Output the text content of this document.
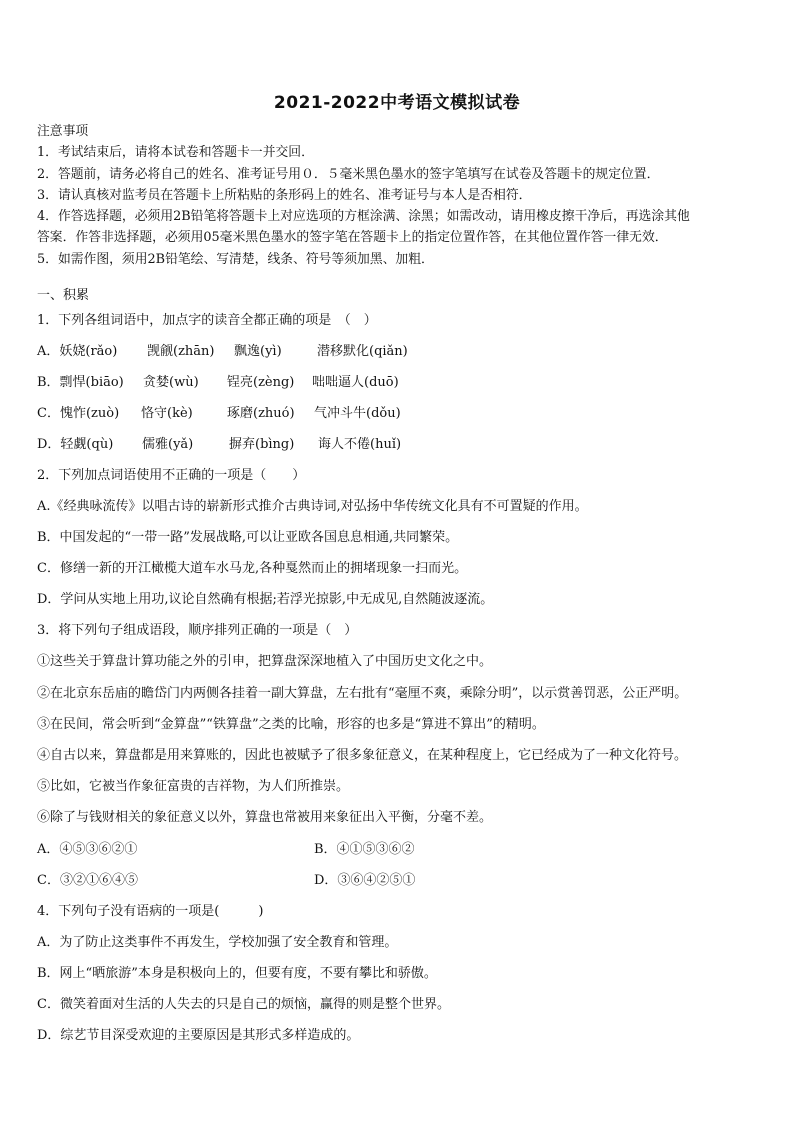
2021-2022中考语文模拟试卷
注意事项
1．考试结束后，请将本试卷和答题卡一并交回．
2．答题前，请务必将自己的姓名、准考证号用０．５毫米黑色墨水的签字笔填写在试卷及答题卡的规定位置．
3．请认真核对监考员在答题卡上所粘贴的条形码上的姓名、准考证号与本人是否相符．
4．作答选择题，必须用2B铅笔将答题卡上对应选项的方框涂满、涂黑；如需改动，请用橡皮擦干净后，再选涂其他
答案．作答非选择题，必须用05毫米黑色墨水的签字笔在答题卡上的指定位置作答，在其他位置作答一律无效．
5．如需作图，须用2B铅笔绘、写清楚，线条、符号等须加黑、加粗．
一、积累
1．下列各组词语中，加点字的读音全都正确的项是　（　）
A．妖娆(rǎo) 觊觎(zhān) 飘逸(yì)	潜移默化(qiǎn)
B．剽悍(biāo) 贪婪(wù) 锃亮(zèng) 咄咄逼人(duō)
C．愧怍(zuò) 恪守(kè)	琢磨(zhuó) 气冲斗牛(dǒu)
D．轻觑(qù) 儒雅(yǎ)	摒弃(bìng) 诲人不倦(huǐ)
2．下列加点词语使用不正确的一项是（　　）
A.《经典咏流传》以唱古诗的崭新形式推介古典诗词,对弘扬中华传统文化具有不可置疑的作用。
B．中国发起的“一带一路”发展战略,可以让亚欧各国息息相通,共同繁荣。
C．修缮一新的开江橄榄大道车水马龙,各种戛然而止的拥堵现象一扫而光。
D．学问从实地上用功,议论自然确有根据;若浮光掠影,中无成见,自然随波逐流。
3．将下列句子组成语段，顺序排列正确的一项是（　）
①这些关于算盘计算功能之外的引申，把算盘深深地植入了中国历史文化之中。
②在北京东岳庙的瞻岱门内两侧各挂着一副大算盘，左右批有“毫厘不爽，乘除分明”，以示赏善罚恶，公正严明。
③在民间，常会听到“金算盘”“铁算盘”之类的比喻，形容的也多是“算进不算出”的精明。
④自古以来，算盘都是用来算账的，因此也被赋予了很多象征意义，在某种程度上，它已经成为了一种文化符号。
⑤比如，它被当作象征富贵的吉祥物，为人们所推崇。
⑥除了与钱财相关的象征意义以外，算盘也常被用来象征出入平衡，分毫不差。
A．④⑤③⑥②①	B．④①⑤③⑥②
C．③②①⑥④⑤	D．③⑥④②⑤①
4．下列句子没有语病的一项是(　　　)
A．为了防止这类事件不再发生，学校加强了安全教育和管理。
B．网上“晒旅游”本身是积极向上的，但要有度，不要有攀比和骄傲。
C．微笑着面对生活的人失去的只是自己的烦恼，赢得的则是整个世界。
D．综艺节目深受欢迎的主要原因是其形式多样造成的。
